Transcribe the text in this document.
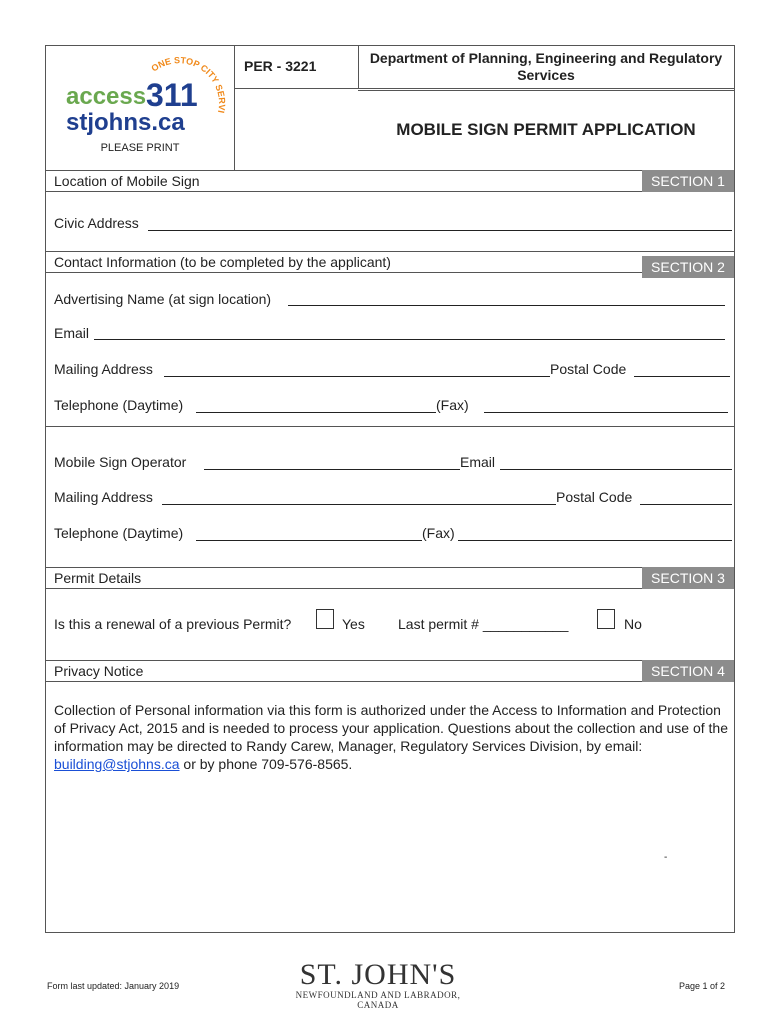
ONE STOP CITY SERVI
access 311
stjohns.ca
PLEASE PRINT
PER - 3221	Department of Planning, Engineering and Regulatory Services
MOBILE SIGN PERMIT APPLICATION
Location of Mobile Sign	SECTION 1
Civic Address
Contact Information (to be completed by the applicant)	SECTION 2
Advertising Name (at sign location)
Email
Mailing Address	Postal Code
Telephone (Daytime)	(Fax)
Mobile Sign Operator	Email
Mailing Address	Postal Code
Telephone (Daytime)	(Fax)
Permit Details	SECTION 3
Is this a renewal of a previous Permit?	Yes Last permit # ___________	No
Privacy Notice	SECTION 4
Collection of Personal information via this form is authorized under the Access to Information and Protection of Privacy Act, 2015 and is needed to process your application. Questions about the collection and use of the information may be directed to Randy Carew, Manager, Regulatory Services Division, by email: building@stjohns.ca or by phone 709-576-8565.
-
Form last updated: January 2019	ST. JOHN'S
NEWFOUNDLAND AND LABRADOR, CANADA
Page 1 of 2
